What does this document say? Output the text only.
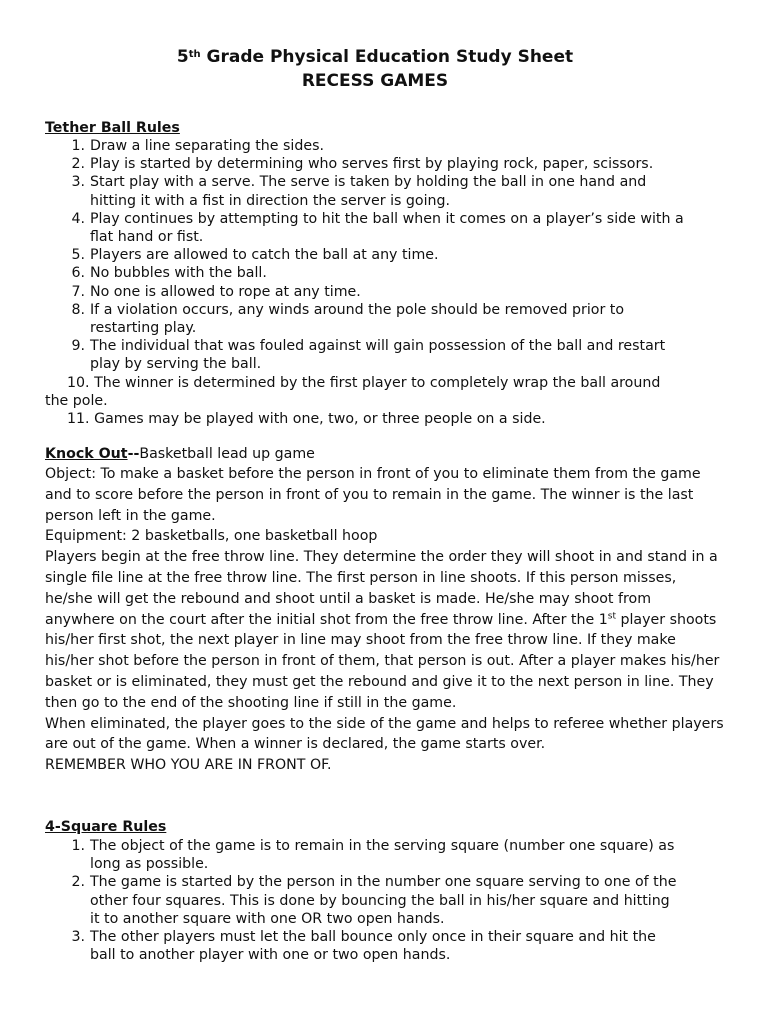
5th Grade Physical Education Study Sheet
RECESS GAMES
Tether Ball Rules
1. Draw a line separating the sides.
2. Play is started by determining who serves first by playing rock, paper, scissors.
3. Start play with a serve. The serve is taken by holding the ball in one hand and
hitting it with a fist in direction the server is going.
4. Play continues by attempting to hit the ball when it comes on a player’s side with a
flat hand or fist.
5. Players are allowed to catch the ball at any time.
6. No bubbles with the ball.
7. No one is allowed to rope at any time.
8. If a violation occurs, any winds around the pole should be removed prior to
restarting play.
9. The individual that was fouled against will gain possession of the ball and restart
play by serving the ball.
10. The winner is determined by the first player to completely wrap the ball around
the pole.
11. Games may be played with one, two, or three people on a side.
Knock Out--Basketball lead up game
Object: To make a basket before the person in front of you to eliminate them from the game and to score before the person in front of you to remain in the game. The winner is the last person left in the game.
Equipment: 2 basketballs, one basketball hoop
Players begin at the free throw line. They determine the order they will shoot in and stand in a single file line at the free throw line. The first person in line shoots. If this person misses, he/she will get the rebound and shoot until a basket is made. He/she may shoot from anywhere on the court after the initial shot from the free throw line. After the 1st player shoots his/her first shot, the next player in line may shoot from the free throw line. If they make his/her shot before the person in front of them, that person is out. After a player makes his/her basket or is eliminated, they must get the rebound and give it to the next person in line. They then go to the end of the shooting line if still in the game.
When eliminated, the player goes to the side of the game and helps to referee whether players are out of the game. When a winner is declared, the game starts over.
REMEMBER WHO YOU ARE IN FRONT OF.
4-Square Rules
1. The object of the game is to remain in the serving square (number one square) as
long as possible.
2. The game is started by the person in the number one square serving to one of the
other four squares. This is done by bouncing the ball in his/her square and hitting
it to another square with one OR two open hands.
3. The other players must let the ball bounce only once in their square and hit the
ball to another player with one or two open hands.
